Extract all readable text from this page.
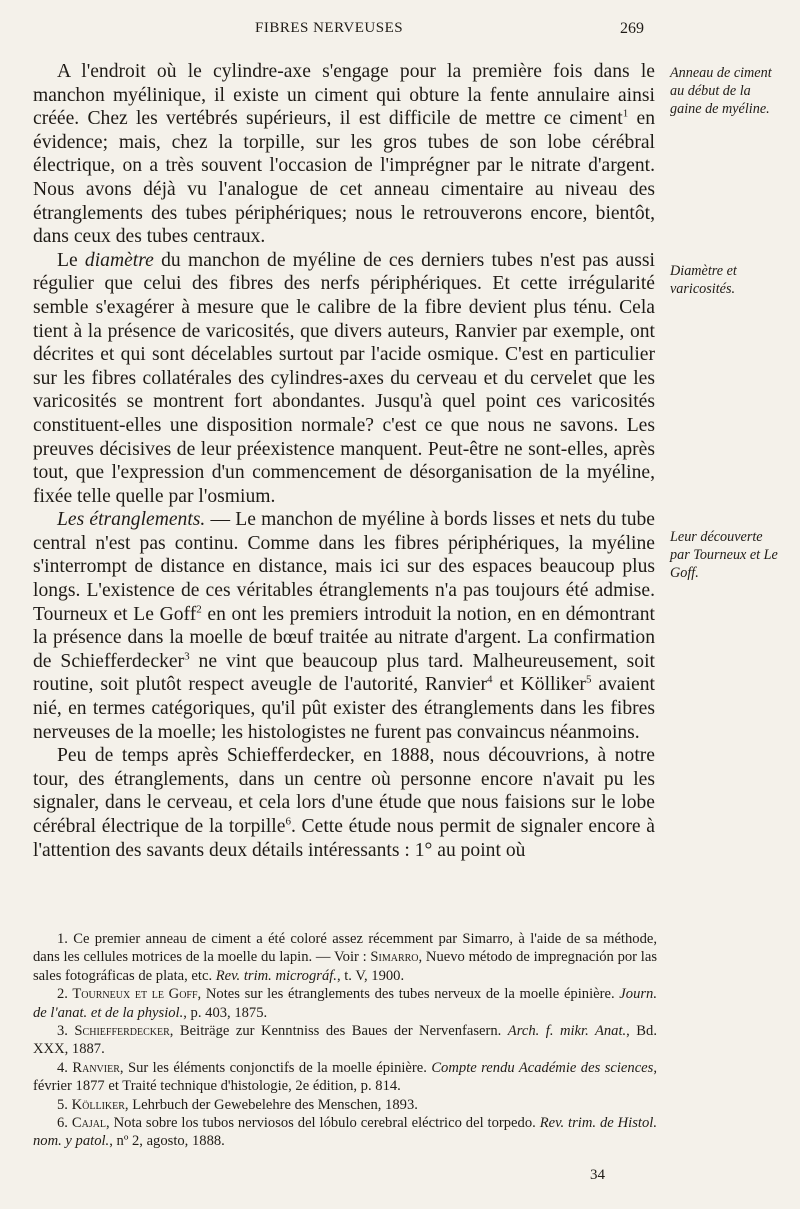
FIBRES NERVEUSES	269

A l'endroit où le cylindre-axe s'engage pour la première fois dans le manchon myélinique, il existe un ciment qui obture la fente annulaire ainsi créée. Chez les vertébrés supérieurs, il est difficile de mettre ce ciment$^1$ en évidence; mais, chez la torpille, sur les gros tubes de son lobe cérébral électrique, on a très souvent l'occasion de l'imprégner par le nitrate d'argent. Nous avons déjà vu l'analogue de cet anneau cimentaire au niveau des étranglements des tubes périphériques; nous le retrouverons encore, bientôt, dans ceux des tubes centraux.

Le diamètre du manchon de myéline de ces derniers tubes n'est pas aussi régulier que celui des fibres des nerfs périphériques. Et cette irrégularité semble s'exagérer à mesure que le calibre de la fibre devient plus ténu. Cela tient à la présence de varicosités, que divers auteurs, Ranvier par exemple, ont décrites et qui sont décelables surtout par l'acide osmique. C'est en particulier sur les fibres collatérales des cylindres-axes du cerveau et du cervelet que les varicosités se montrent fort abondantes. Jusqu'à quel point ces varicosités constituent-elles une disposition normale? c'est ce que nous ne savons. Les preuves décisives de leur préexistence manquent. Peut-être ne sont-elles, après tout, que l'expression d'un commencement de désorganisation de la myéline, fixée telle quelle par l'osmium.

Les étranglements. — Le manchon de myéline à bords lisses et nets du tube central n'est pas continu. Comme dans les fibres périphériques, la myéline s'interrompt de distance en distance, mais ici sur des espaces beaucoup plus longs. L'existence de ces véritables étranglements n'a pas toujours été admise. Tourneux et Le Goff$^2$ en ont les premiers introduit la notion, en en démontrant la présence dans la moelle de bœuf traitée au nitrate d'argent. La confirmation de Schiefferdecker$^3$ ne vint que beaucoup plus tard. Malheureusement, soit routine, soit plutôt respect aveugle de l'autorité, Ranvier$^4$ et Kölliker$^5$ avaient nié, en termes catégoriques, qu'il pût exister des étranglements dans les fibres nerveuses de la moelle; les histologistes ne furent pas convaincus néanmoins.

Peu de temps après Schiefferdecker, en 1888, nous découvrions, à notre tour, des étranglements, dans un centre où personne encore n'avait pu les signaler, dans le cerveau, et cela lors d'une étude que nous faisions sur le lobe cérébral électrique de la torpille$^6$. Cette étude nous permit de signaler encore à l'attention des savants deux détails intéressants : 1° au point où

Anneau de ciment au début de la gaine de myéline.
Diamètre et varicosités.
Leur découverte par Tourneux et Le Goff.

1. Ce premier anneau de ciment a été coloré assez récemment par Simarro, à l'aide de sa méthode, dans les cellules motrices de la moelle du lapin. — Voir : Simarro, Nuevo método de impregnación por las sales fotográficas de plata, etc. Rev. trim. micrográf., t. V, 1900.

2. Tourneux et le Goff, Notes sur les étranglements des tubes nerveux de la moelle épinière. Journ. de l'anat. et de la physiol., p. 403, 1875.

3. Schiefferdecker, Beiträge zur Kenntniss des Baues der Nervenfasern. Arch. f. mikr. Anat., Bd. XXX, 1887.

4. Ranvier, Sur les éléments conjonctifs de la moelle épinière. Compte rendu Académie des sciences, février 1877 et Traité technique d'histologie, 2e édition, p. 814.

5. Kölliker, Lehrbuch der Gewebelehre des Menschen, 1893.

6. Cajal, Nota sobre los tubos nerviosos del lóbulo cerebral eléctrico del torpedo. Rev. trim. de Histol. nom. y patol., nº 2, agosto, 1888.

34
